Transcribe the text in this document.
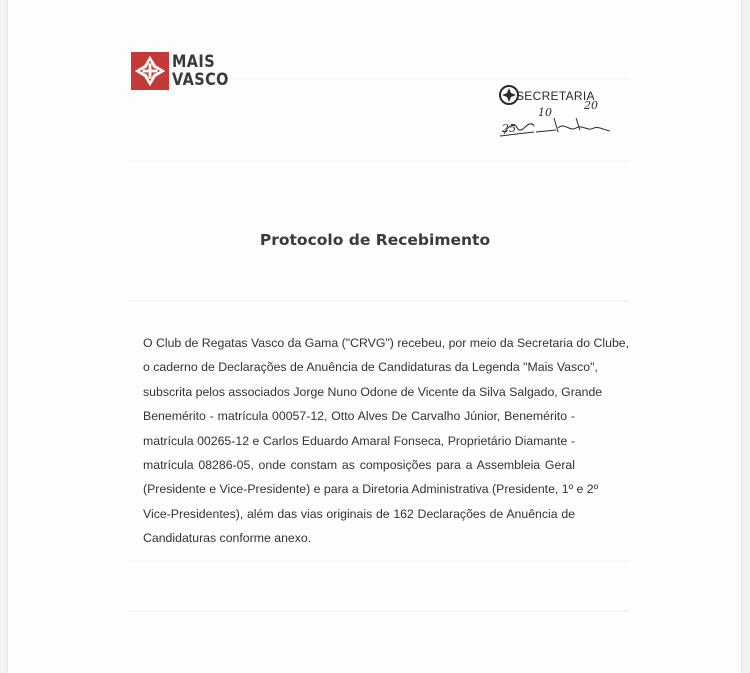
MAIS
VASCO
SECRETARIA
25
10
20
Protocolo de Recebimento
O Club de Regatas Vasco da Gama ("CRVG") recebeu, por meio da Secretaria do Clube,
o caderno de Declarações de Anuência de Candidaturas da Legenda "Mais Vasco",
subscrita pelos associados Jorge Nuno Odone de Vicente da Silva Salgado, Grande
Benemérito - matrícula 00057-12, Otto Alves De Carvalho Júnior, Benemérito -
matrícula 00265-12 e Carlos Eduardo Amaral Fonseca, Proprietário Diamante -
matrícula 08286-05, onde constam as composições para a Assembleia Geral
(Presidente e Vice-Presidente) e para a Diretoria Administrativa (Presidente, 1º e 2º
Vice-Presidentes), além das vias originais de 162 Declarações de Anuência de
Candidaturas conforme anexo.
